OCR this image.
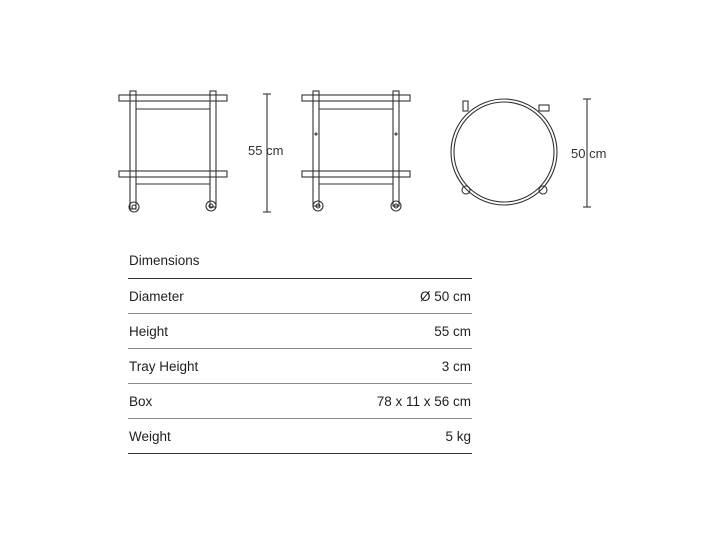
55 cm	50 cm
Dimensions
Diameter	Ø 50 cm
Height	55 cm
Tray Height	3 cm
Box	78 x 11 x 56 cm
Weight	5 kg
